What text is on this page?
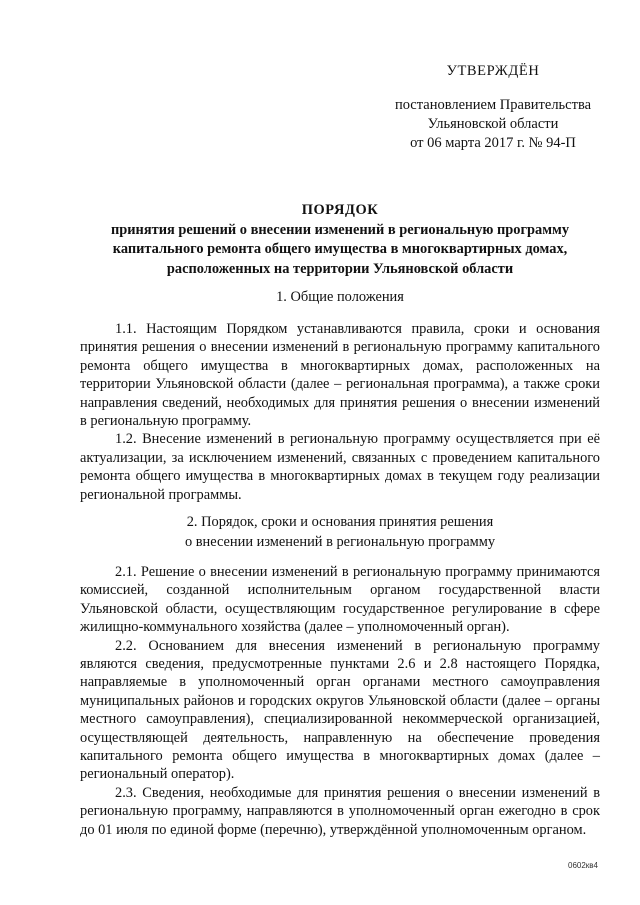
УТВЕРЖДЁН
постановлением Правительства
Ульяновской области
от 06 марта 2017 г. № 94-П
ПОРЯДОК
принятия решений о внесении изменений в региональную программу капитального ремонта общего имущества в многоквартирных домах, расположенных на территории Ульяновской области
1. Общие положения

1.1. Настоящим Порядком устанавливаются правила, сроки и основания принятия решения о внесении изменений в региональную программу капитального ремонта общего имущества в многоквартирных домах, расположенных на территории Ульяновской области (далее – региональная программа), а также сроки направления сведений, необходимых для принятия решения о внесении изменений в региональную программу.

1.2. Внесение изменений в региональную программу осуществляется при её актуализации, за исключением изменений, связанных с проведением капитального ремонта общего имущества в многоквартирных домах в текущем году реализации региональной программы.

2. Порядок, сроки и основания принятия решения
о внесении изменений в региональную программу

2.1. Решение о внесении изменений в региональную программу принимаются комиссией, созданной исполнительным органом государственной власти Ульяновской области, осуществляющим государственное регулирование в сфере жилищно-коммунального хозяйства (далее – уполномоченный орган).

2.2. Основанием для внесения изменений в региональную программу являются сведения, предусмотренные пунктами 2.6 и 2.8 настоящего Порядка, направляемые в уполномоченный орган органами местного самоуправления муниципальных районов и городских округов Ульяновской области (далее – органы местного самоуправления), специализированной некоммерческой организацией, осуществляющей деятельность, направленную на обеспечение проведения капитального ремонта общего имущества в многоквартирных домах (далее – региональный оператор).

2.3. Сведения, необходимые для принятия решения о внесении изменений в региональную программу, направляются в уполномоченный орган ежегодно в срок до 01 июля по единой форме (перечню), утверждённой уполномоченным органом.

0602кв4
